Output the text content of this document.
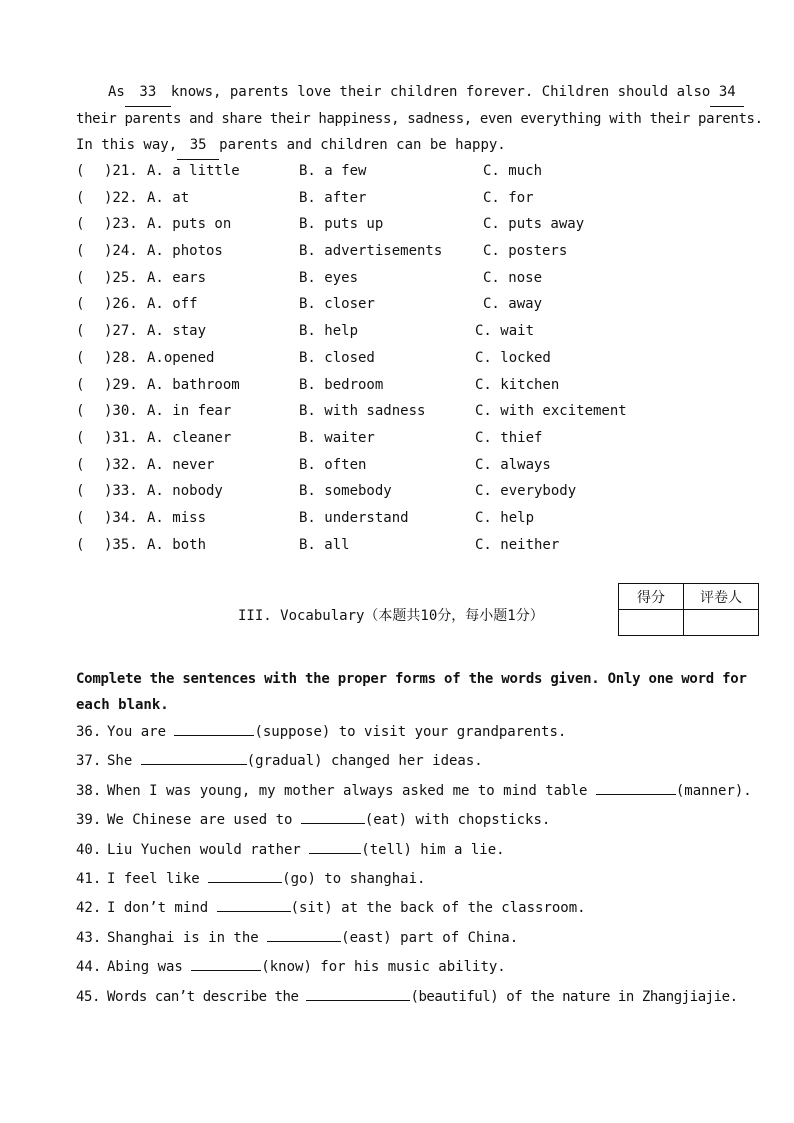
As 33 knows, parents love their children forever. Children should also 34
their parents and share their happiness, sadness, even everything with their parents.
In this way, 35 parents and children can be happy.
( )21. A. a little	B. a few	C. much
( )22. A. at	B. after	C. for
( )23. A. puts on	B. puts up	C. puts away
( )24. A. photos	B. advertisements	C. posters
( )25. A. ears	B. eyes	C. nose
( )26. A. off	B. closer	C. away
( )27. A. stay	B. help	C. wait
( )28. A.opened	B. closed	C. locked
( )29. A. bathroom	B. bedroom	C. kitchen
( )30. A. in fear	B. with sadness	C. with excitement
( )31. A. cleaner	B. waiter	C. thief
( )32. A. never	B. often	C. always
( )33. A. nobody	B. somebody	C. everybody
( )34. A. miss	B. understand	C. help
( )35. A. both	B. all	C. neither
III. Vocabulary（本题共10分，每小题1分）
得分	评卷人

Complete the sentences with the proper forms of the words given. Only one word for
each blank.
36. You are	(suppose) to visit your grandparents.
37. She	(gradual) changed her ideas.
38. When I was young, my mother always asked me to mind table	(manner).
39. We Chinese are used to	(eat) with chopsticks.
40. Liu Yuchen would rather	(tell) him a lie.
41. I feel like	(go) to shanghai.
42. I don’t mind	(sit) at the back of the classroom.
43. Shanghai is in the	(east) part of China.
44. Abing was	(know) for his music ability.
45. Words can’t describe the	(beautiful) of the nature in Zhangjiajie.
